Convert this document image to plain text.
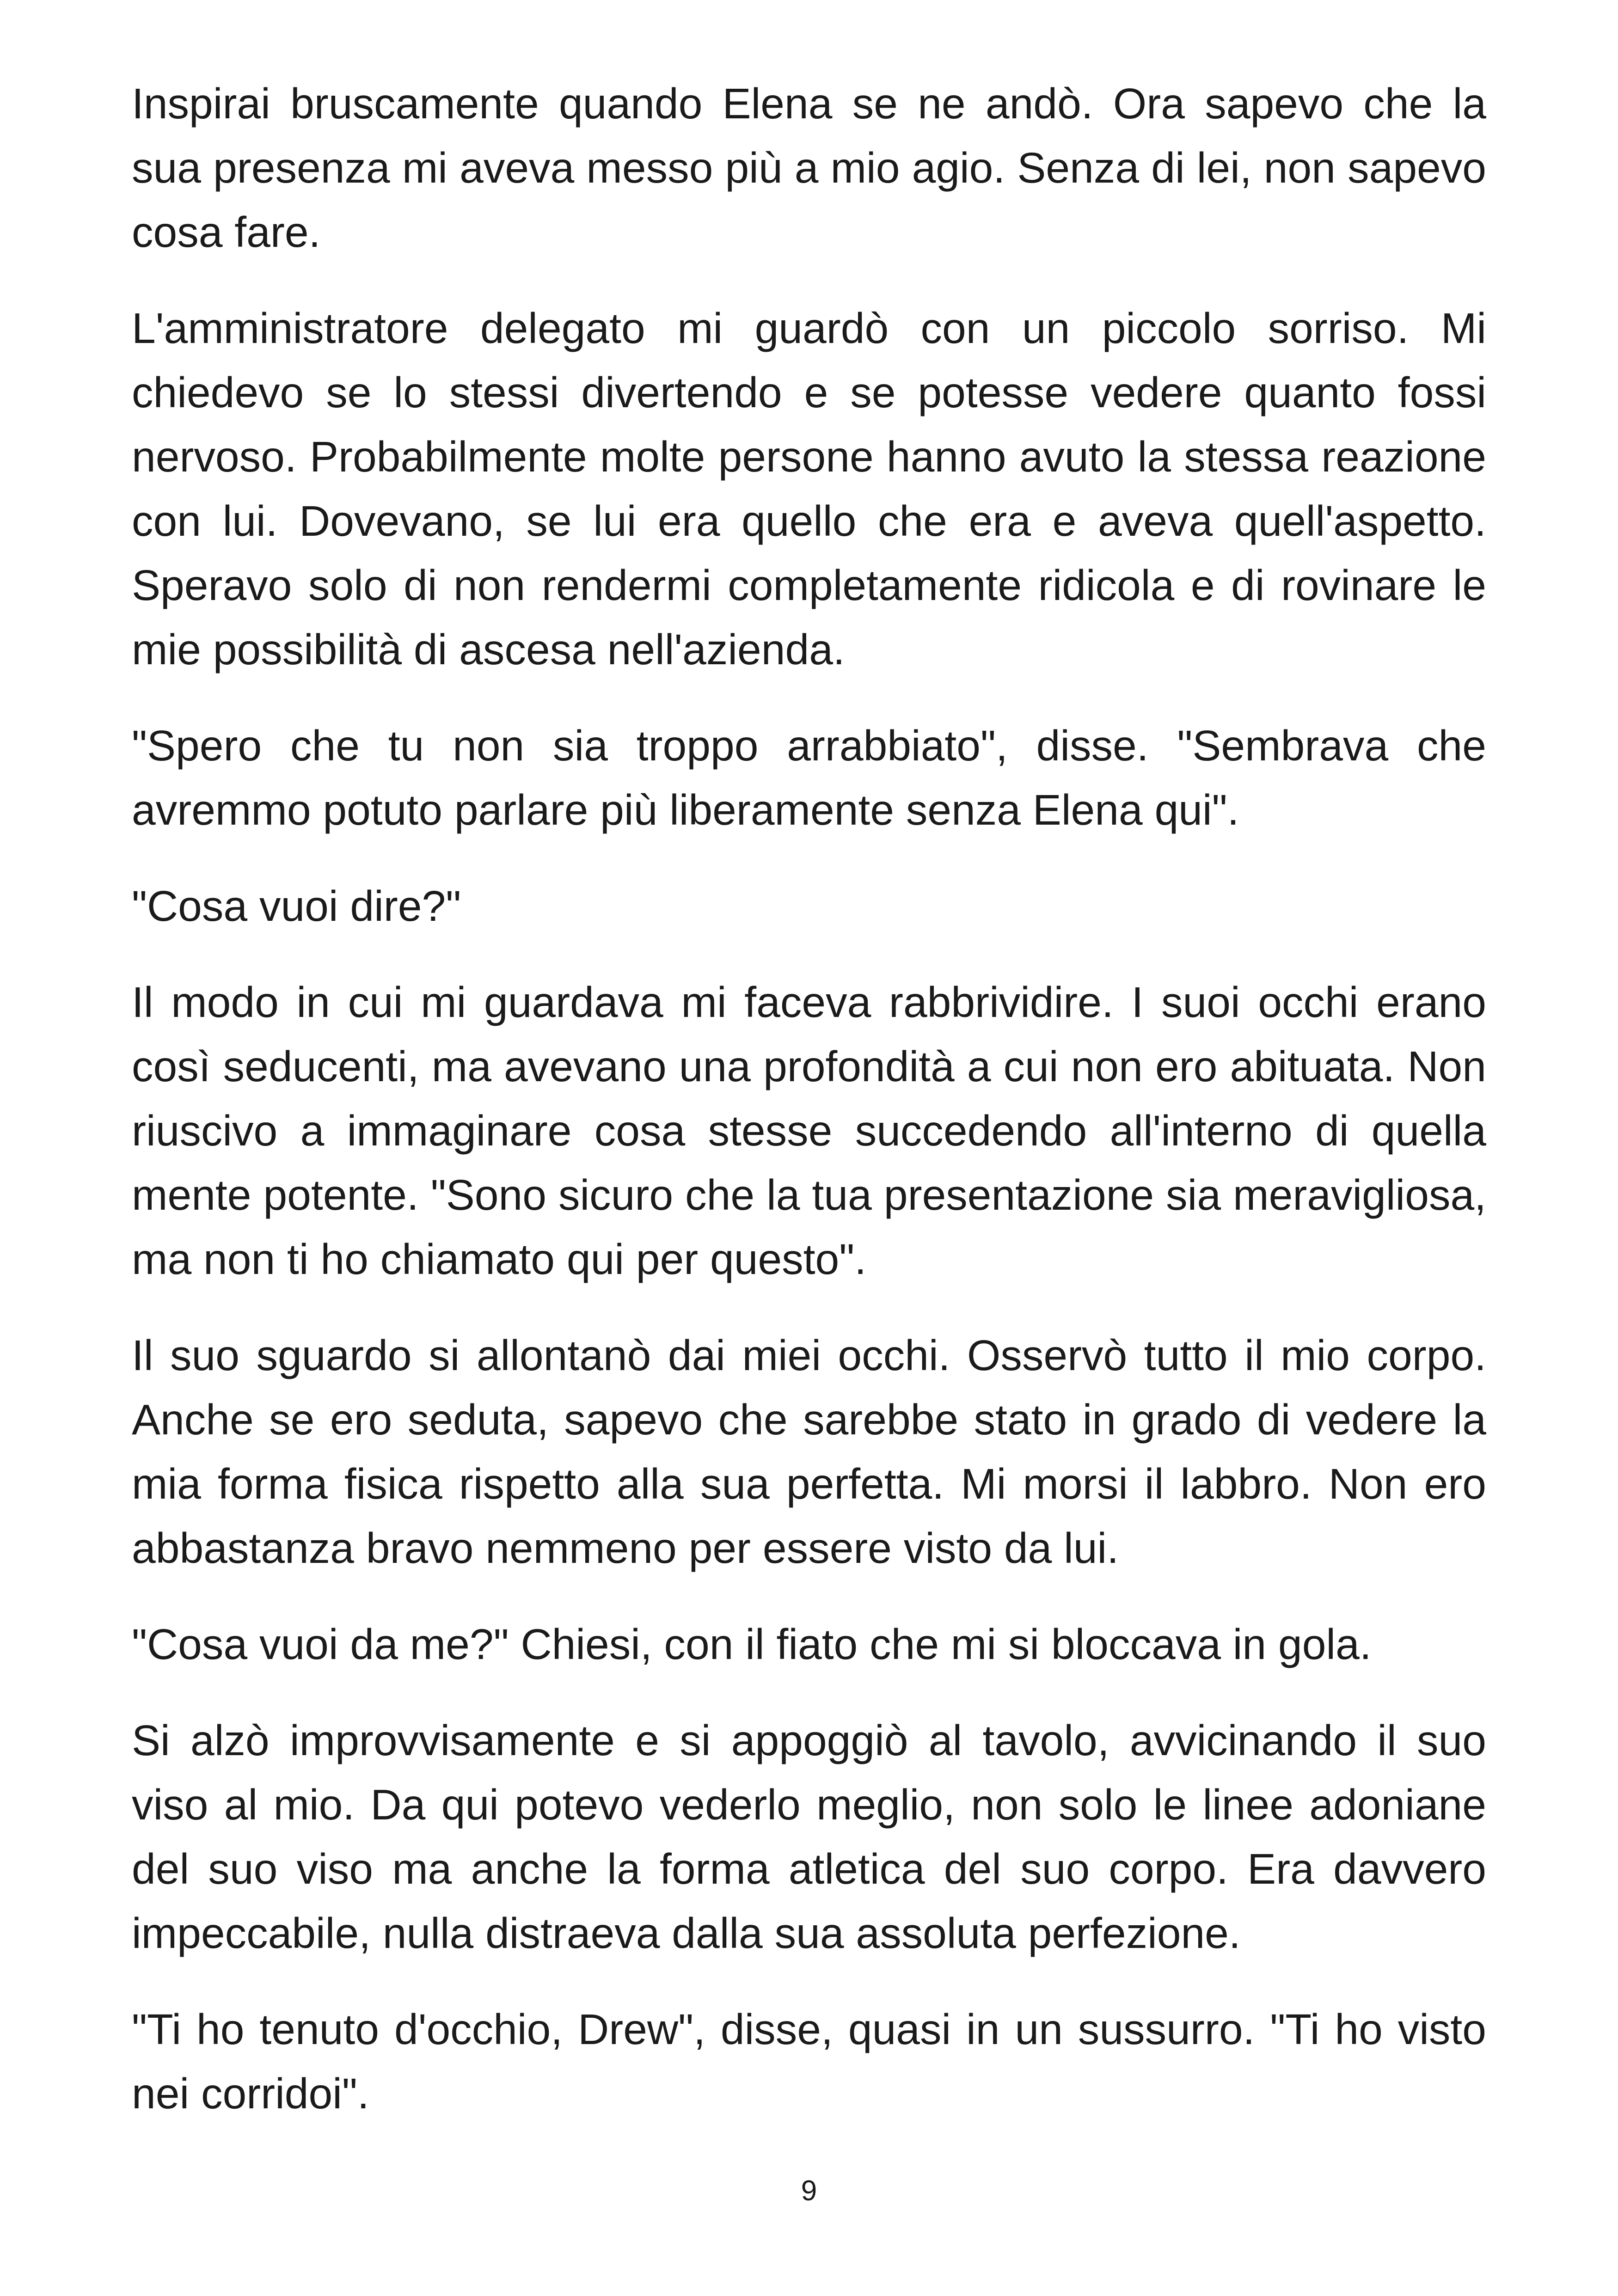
Inspirai bruscamente quando Elena se ne andò. Ora sapevo che la sua presenza mi aveva messo più a mio agio. Senza di lei, non sapevo cosa fare.

L'amministratore delegato mi guardò con un piccolo sorriso. Mi chiedevo se lo stessi divertendo e se potesse vedere quanto fossi nervoso. Probabilmente molte persone hanno avuto la stessa reazione con lui. Dovevano, se lui era quello che era e aveva quell'aspetto. Speravo solo di non rendermi completamente ridicola e di rovinare le mie possibilità di ascesa nell'azienda.

"Spero che tu non sia troppo arrabbiato", disse. "Sembrava che avremmo potuto parlare più liberamente senza Elena qui".

"Cosa vuoi dire?"

Il modo in cui mi guardava mi faceva rabbrividire. I suoi occhi erano così seducenti, ma avevano una profondità a cui non ero abituata. Non riuscivo a immaginare cosa stesse succedendo all'interno di quella mente potente. "Sono sicuro che la tua presentazione sia meravigliosa, ma non ti ho chiamato qui per questo".

Il suo sguardo si allontanò dai miei occhi. Osservò tutto il mio corpo. Anche se ero seduta, sapevo che sarebbe stato in grado di vedere la mia forma fisica rispetto alla sua perfetta. Mi morsi il labbro. Non ero abbastanza bravo nemmeno per essere visto da lui.

"Cosa vuoi da me?" Chiesi, con il fiato che mi si bloccava in gola.

Si alzò improvvisamente e si appoggiò al tavolo, avvicinando il suo viso al mio. Da qui potevo vederlo meglio, non solo le linee adoniane del suo viso ma anche la forma atletica del suo corpo. Era davvero impeccabile, nulla distraeva dalla sua assoluta perfezione.

"Ti ho tenuto d'occhio, Drew", disse, quasi in un sussurro. "Ti ho visto nei corridoi".

9
